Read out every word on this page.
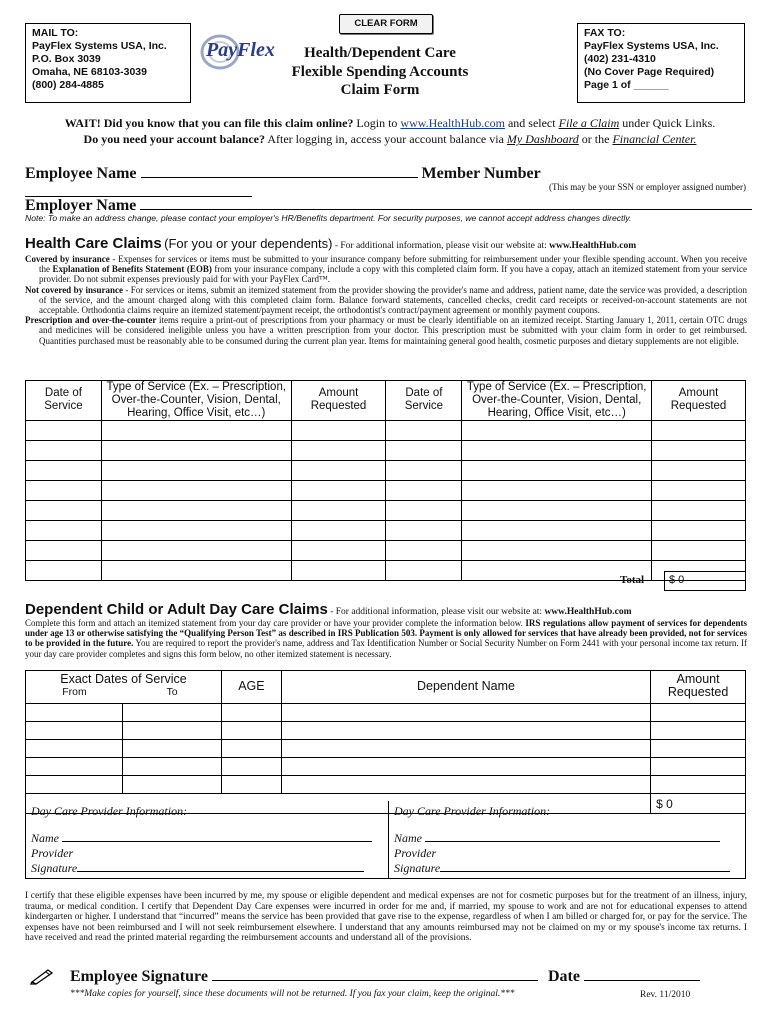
MAIL TO:
PayFlex Systems USA, Inc.
P.O. Box 3039
Omaha, NE 68103-3039
(800) 284-4885
CLEAR FORM
PayFlex	Health/Dependent Care
Flexible Spending Accounts
Claim Form
FAX TO:
PayFlex Systems USA, Inc.
(402) 231-4310
(No Cover Page Required)
Page 1 of ______
WAIT! Did you know that you can file this claim online? Login to www.HealthHub.com and select File a Claim under Quick Links.
Do you need your account balance? After logging in, access your account balance via My Dashboard or the Financial Center.
Employee Name	Member Number
(This may be your SSN or employer assigned number)
Employer Name
Note: To make an address change, please contact your employer's HR/Benefits department. For security purposes, we cannot accept address changes directly.
Health Care Claims (For you or your dependents) - For additional information, please visit our website at: www.HealthHub.com
Covered by insurance - Expenses for services or items must be submitted to your insurance company before submitting for reimbursement under your flexible spending account. When you receive the Explanation of Benefits Statement (EOB) from your insurance company, include a copy with this completed claim form. If you have a copay, attach an itemized statement from your service provider. Do not submit expenses previously paid for with your PayFlex Card™.
Not covered by insurance - For services or items, submit an itemized statement from the provider showing the provider's name and address, patient name, date the service was provided, a description of the service, and the amount charged along with this completed claim form. Balance forward statements, cancelled checks, credit card receipts or received-on-account statements are not acceptable. Orthodontia claims require an itemized statement/payment receipt, the orthodontist's contract/payment agreement or monthly payment coupons.
Prescription and over-the-counter items require a print-out of prescriptions from your pharmacy or must be clearly identifiable on an itemized receipt. Starting January 1, 2011, certain OTC drugs and medicines will be considered ineligible unless you have a written prescription from your doctor. This prescription must be submitted with your claim form in order to get reimbursed. Quantities purchased must be reasonably able to be consumed during the current plan year. Items for maintaining general good health, cosmetic purposes and dietary supplements are not eligible.
Date of Service	Type of Service (Ex. – Prescription, Over-the-Counter, Vision, Dental, Hearing, Office Visit, etc…)	Amount Requested	Date of Service	Type of Service (Ex. – Prescription, Over-the-Counter, Vision, Dental, Hearing, Office Visit, etc…)	Amount Requested

Total	$ 0
Dependent Child or Adult Day Care Claims - For additional information, please visit our website at: www.HealthHub.com
Complete this form and attach an itemized statement from your day care provider or have your provider complete the information below. IRS regulations allow payment of services for dependents under age 13 or otherwise satisfying the “Qualifying Person Test” as described in IRS Publication 503. Payment is only allowed for services that have already been provided, not for services to be provided in the future. You are required to report the provider's name, address and Tax Identification Number or Social Security Number on Form 2441 with your personal income tax return. If your day care provider completes and signs this form below, no other itemized statement is necessary.
Exact Dates of Service
From To		AGE	Dependent Name	Amount Requested

				$ 0
Day Care Provider Information:
Name
Provider
Signature
Day Care Provider Information:
Name
Provider
Signature
I certify that these eligible expenses have been incurred by me, my spouse or eligible dependent and medical expenses are not for cosmetic purposes but for the treatment of an illness, injury, trauma, or medical condition. I certify that Dependent Day Care expenses were incurred in order for me and, if married, my spouse to work and are not for educational expenses to attend kindergarten or higher. I understand that “incurred” means the service has been provided that gave rise to the expense, regardless of when I am billed or charged for, or pay for the service. The expenses have not been reimbursed and I will not seek reimbursement elsewhere. I understand that any amounts reimbursed may not be claimed on my or my spouse's income tax returns. I have received and read the printed material regarding the reimbursement accounts and understand all of the provisions.
Employee Signature	Date
***Make copies for yourself, since these documents will not be returned. If you fax your claim, keep the original.***	Rev. 11/2010
